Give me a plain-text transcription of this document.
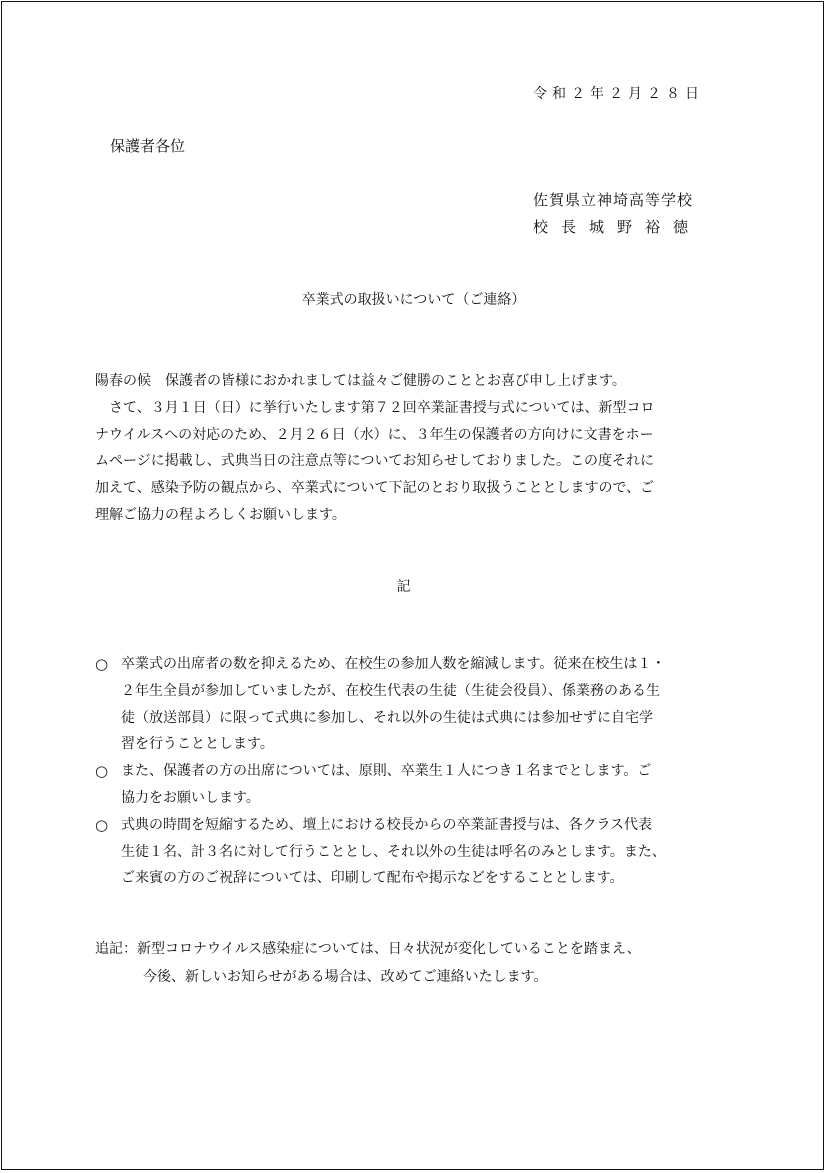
令和２年２月２８日
保護者各位
佐賀県立神埼高等学校
校長城野裕徳
卒業式の取扱いについて（ご連絡）
陽春の候　保護者の皆様におかれましては益々ご健勝のこととお喜び申し上げます。
さて、３月１日（日）に挙行いたします第７２回卒業証書授与式については、新型コロ
ナウイルスへの対応のため、２月２６日（水）に、３年生の保護者の方向けに文書をホー
ムページに掲載し、式典当日の注意点等についてお知らせしておりました。この度それに
加えて、感染予防の観点から、卒業式について下記のとおり取扱うこととしますので、ご
理解ご協力の程よろしくお願いします。
記
○ 卒業式の出席者の数を抑えるため、在校生の参加人数を縮減します。従来在校生は１・
２年生全員が参加していましたが、在校生代表の生徒（生徒会役員）、係業務のある生
徒（放送部員）に限って式典に参加し、それ以外の生徒は式典には参加せずに自宅学
習を行うこととします。
○ また、保護者の方の出席については、原則、卒業生１人につき１名までとします。ご
協力をお願いします。
○ 式典の時間を短縮するため、壇上における校長からの卒業証書授与は、各クラス代表
生徒１名、計３名に対して行うこととし、それ以外の生徒は呼名のみとします。また、
ご来賓の方のご祝辞については、印刷して配布や掲示などをすることとします。
追記：新型コロナウイルス感染症については、日々状況が変化していることを踏まえ、
今後、新しいお知らせがある場合は、改めてご連絡いたします。
